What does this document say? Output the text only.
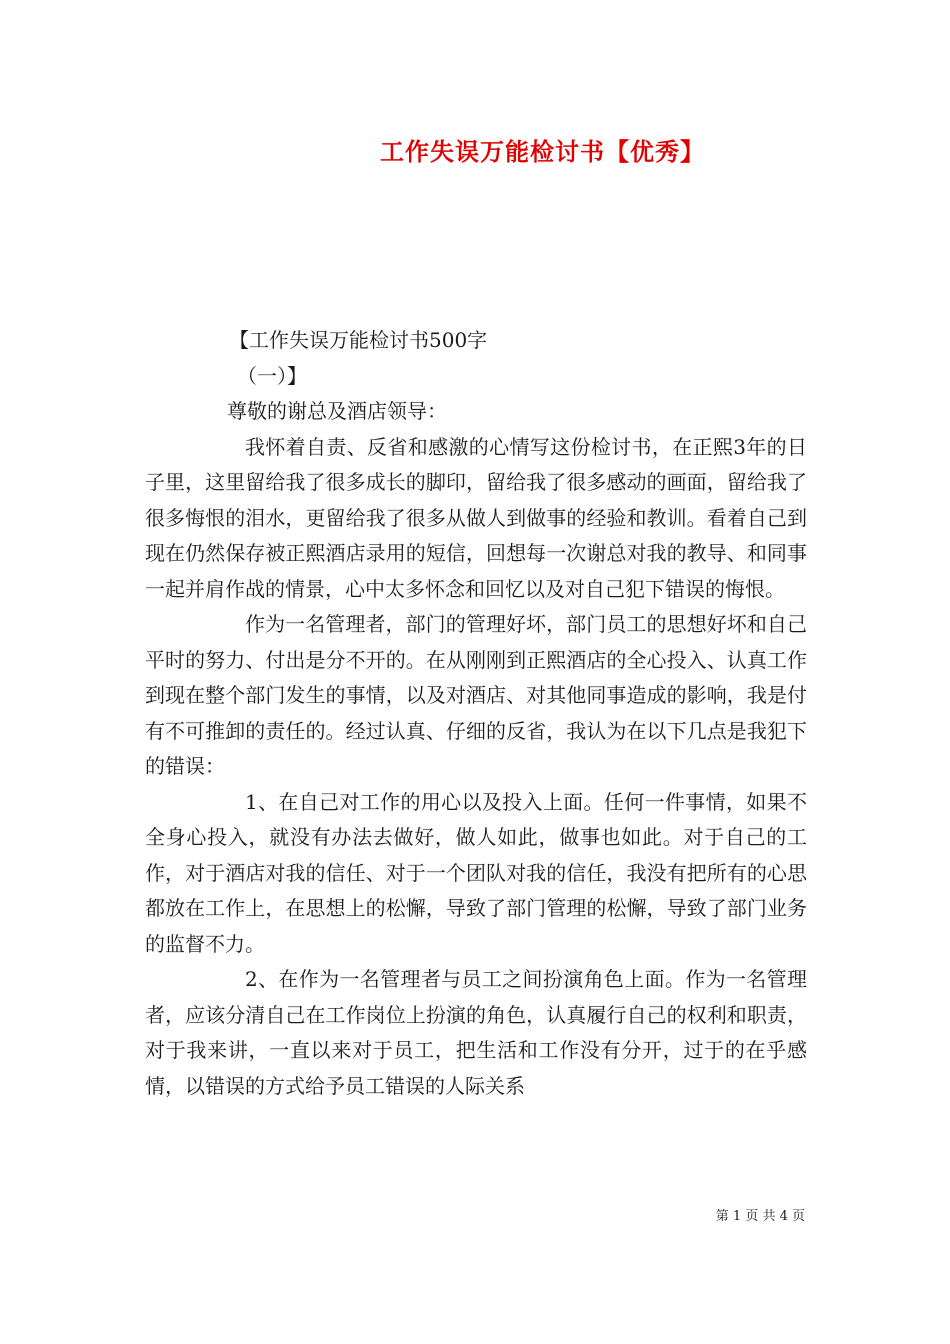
工作失误万能检讨书【优秀】

【工作失误万能检讨书500字

（一）】

尊敬的谢总及酒店领导：

我怀着自责、反省和感激的心情写这份检讨书，在正熙3年的日子里，这里留给我了很多成长的脚印，留给我了很多感动的画面，留给我了很多悔恨的泪水，更留给我了很多从做人到做事的经验和教训。看着自己到现在仍然保存被正熙酒店录用的短信，回想每一次谢总对我的教导、和同事一起并肩作战的情景，心中太多怀念和回忆以及对自己犯下错误的悔恨。

作为一名管理者，部门的管理好坏，部门员工的思想好坏和自己平时的努力、付出是分不开的。在从刚刚到正熙酒店的全心投入、认真工作到现在整个部门发生的事情，以及对酒店、对其他同事造成的影响，我是付有不可推卸的责任的。经过认真、仔细的反省，我认为在以下几点是我犯下的错误：

1、在自己对工作的用心以及投入上面。任何一件事情，如果不全身心投入，就没有办法去做好，做人如此，做事也如此。对于自己的工作，对于酒店对我的信任、对于一个团队对我的信任，我没有把所有的心思都放在工作上，在思想上的松懈，导致了部门管理的松懈，导致了部门业务的监督不力。

2、在作为一名管理者与员工之间扮演角色上面。作为一名管理者，应该分清自己在工作岗位上扮演的角色，认真履行自己的权利和职责，对于我来讲，一直以来对于员工，把生活和工作没有分开，过于的在乎感情，以错误的方式给予员工错误的人际关系

第 1 页 共 4 页
